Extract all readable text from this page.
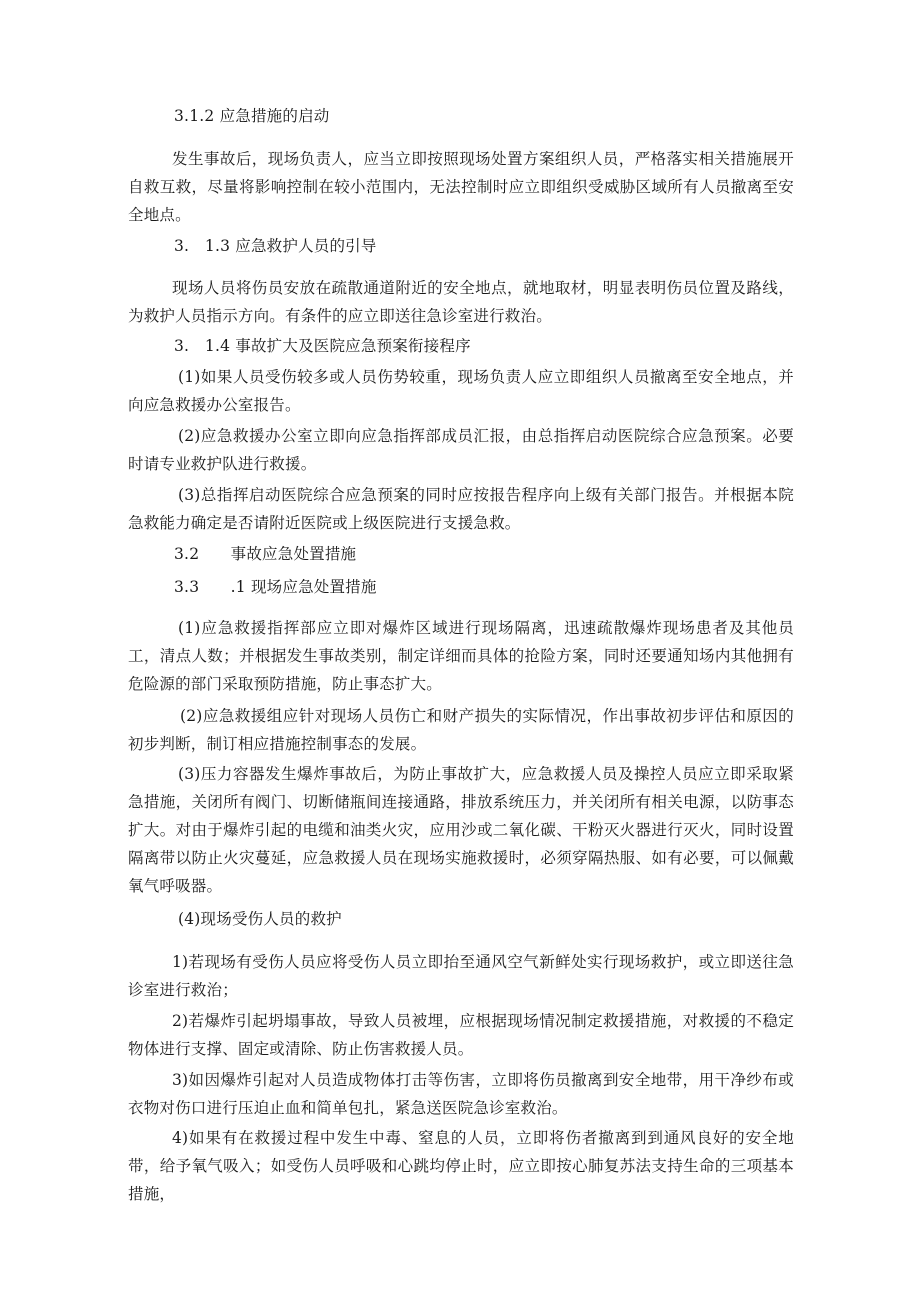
3.1.2 应急措施的启动

发生事故后，现场负责人，应当立即按照现场处置方案组织人员，严格落实相关措施展开自救互救，尽量将影响控制在较小范围内，无法控制时应立即组织受威胁区域所有人员撤离至安全地点。

3.　1.3 应急救护人员的引导

现场人员将伤员安放在疏散通道附近的安全地点，就地取材，明显表明伤员位置及路线，为救护人员指示方向。有条件的应立即送往急诊室进行救治。

3.　1.4 事故扩大及医院应急预案衔接程序

(1)如果人员受伤较多或人员伤势较重，现场负责人应立即组织人员撤离至安全地点，并向应急救援办公室报告。

(2)应急救援办公室立即向应急指挥部成员汇报，由总指挥启动医院综合应急预案。必要时请专业救护队进行救援。

(3)总指挥启动医院综合应急预案的同时应按报告程序向上级有关部门报告。并根据本院急救能力确定是否请附近医院或上级医院进行支援急救。

3.2　　事故应急处置措施

3.3　　.1 现场应急处置措施

(1)应急救援指挥部应立即对爆炸区域进行现场隔离，迅速疏散爆炸现场患者及其他员工，清点人数；并根据发生事故类别，制定详细而具体的抢险方案，同时还要通知场内其他拥有危险源的部门采取预防措施，防止事态扩大。

(2)应急救援组应针对现场人员伤亡和财产损失的实际情况，作出事故初步评估和原因的初步判断，制订相应措施控制事态的发展。

(3)压力容器发生爆炸事故后，为防止事故扩大，应急救援人员及操控人员应立即采取紧急措施，关闭所有阀门、切断储瓶间连接通路，排放系统压力，并关闭所有相关电源，以防事态扩大。对由于爆炸引起的电缆和油类火灾，应用沙或二氧化碳、干粉灭火器进行灭火，同时设置隔离带以防止火灾蔓延，应急救援人员在现场实施救援时，必须穿隔热服、如有必要，可以佩戴氧气呼吸器。

(4)现场受伤人员的救护

1)若现场有受伤人员应将受伤人员立即抬至通风空气新鲜处实行现场救护，或立即送往急诊室进行救治；

2)若爆炸引起坍塌事故，导致人员被埋，应根据现场情况制定救援措施，对救援的不稳定物体进行支撑、固定或清除、防止伤害救援人员。

3)如因爆炸引起对人员造成物体打击等伤害，立即将伤员撤离到安全地带，用干净纱布或衣物对伤口进行压迫止血和简单包扎，紧急送医院急诊室救治。

4)如果有在救援过程中发生中毒、窒息的人员，立即将伤者撤离到到通风良好的安全地带，给予氧气吸入；如受伤人员呼吸和心跳均停止时，应立即按心肺复苏法支持生命的三项基本措施，
